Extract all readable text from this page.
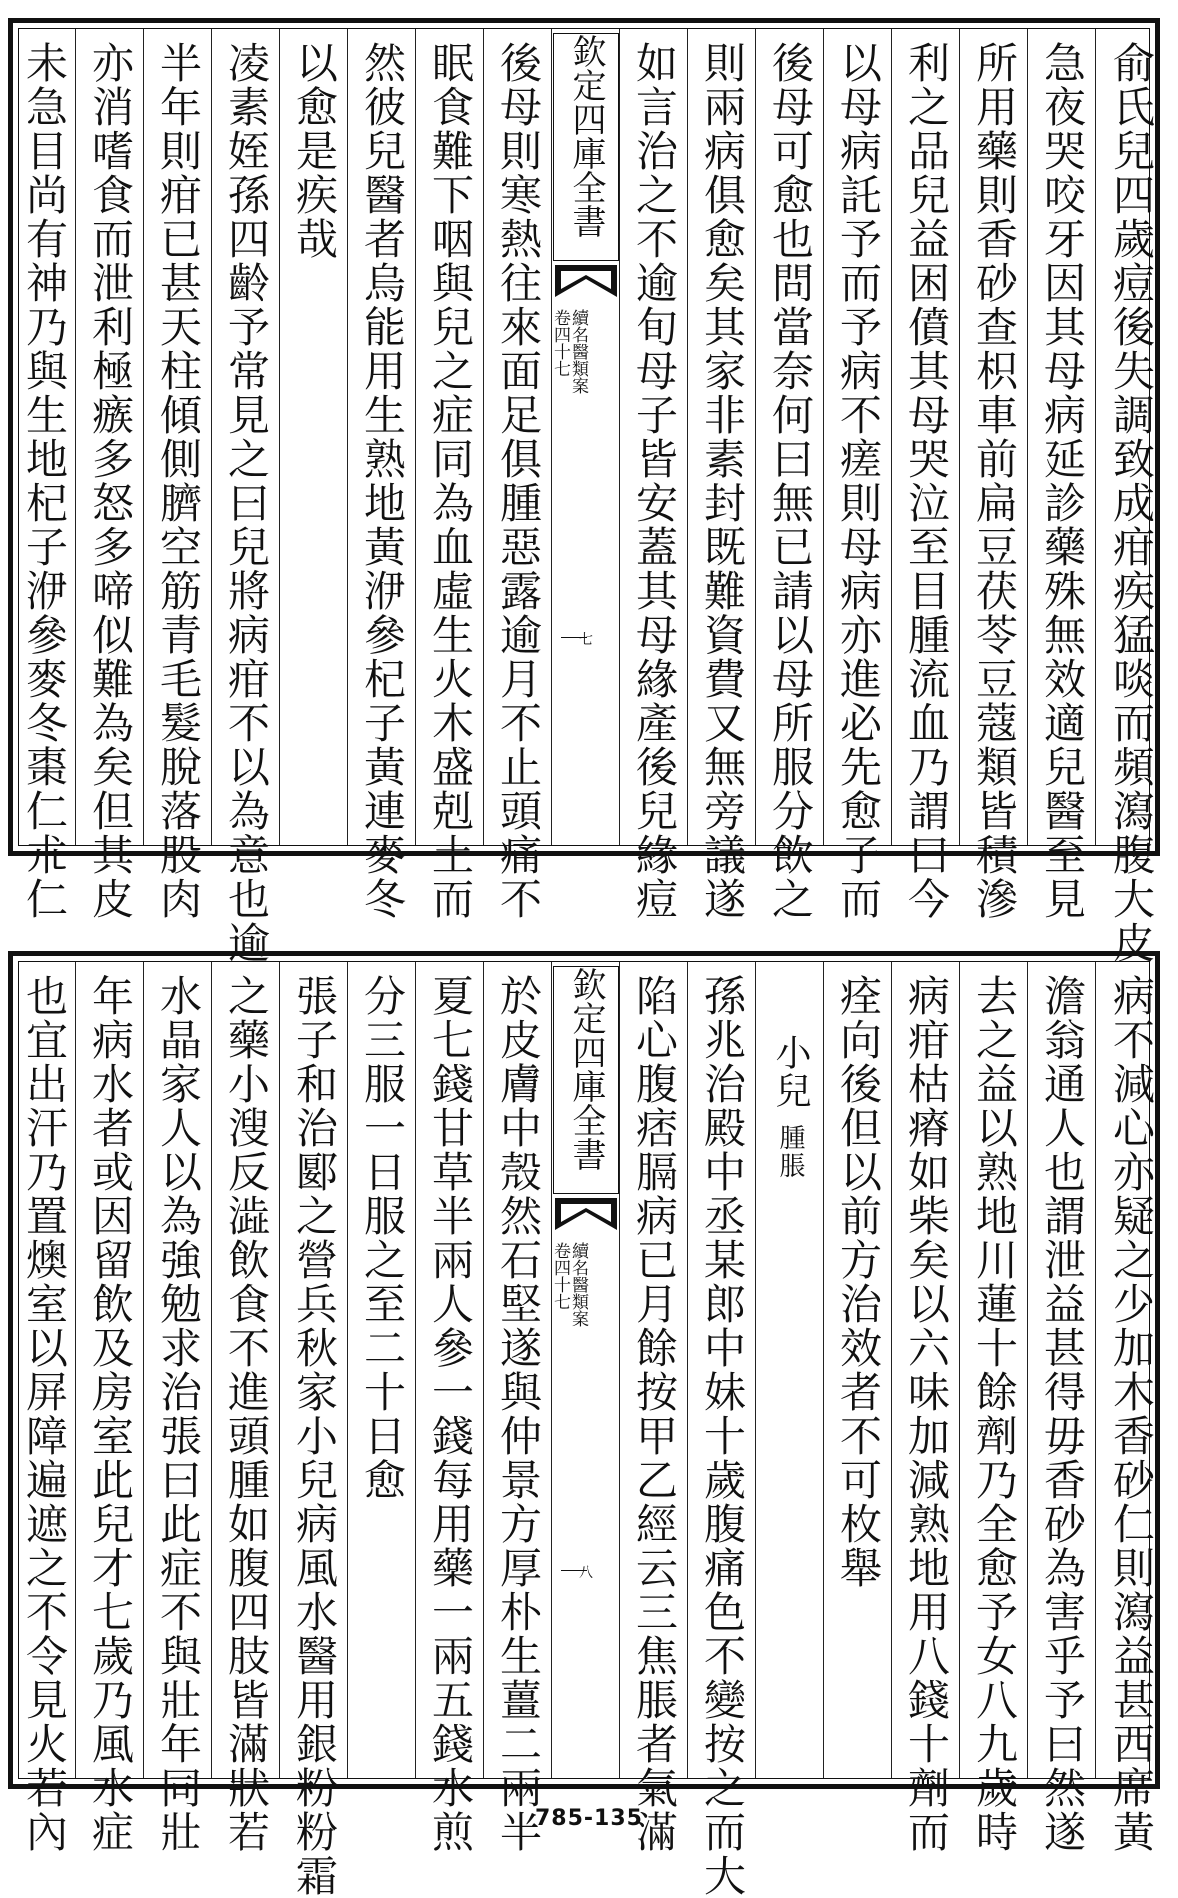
俞氏兒四歲痘後失調致成疳疾猛啖而頻瀉腹大皮
急夜哭咬牙因其母病延診藥殊無效適兒醫至見
所用藥則香砂查枳車前扁豆茯苓豆蔻類皆積滲
利之品兒益困僨其母哭泣至目腫流血乃謂曰今
以母病託予而予病不瘥則母病亦進必先愈子而
後母可愈也問當奈何曰無已請以母所服分飲之
則兩病俱愈矣其家非素封既難資費又無旁議遂
如言治之不逾旬母子皆安蓋其母緣產後兒緣痘
欽定四庫全書
續名醫類案
卷四十七
七
後母則寒熱往來面足俱腫惡露逾月不止頭痛不
眠食難下咽與兒之症同為血虛生火木盛剋土而
然彼兒醫者烏能用生熟地黃洢參杞子黃連麥冬
以愈是疾哉
凌素姪孫四齡予常見之曰兒將病疳不以為意也逾
半年則疳已甚天柱傾側臍空筋青毛髮脫落股肉
亦消嗜食而泄利極瘯多怒多啼似難為矣但其皮
未急目尚有神乃與生地杞子洢參麥冬棗仁朮仁
病不減心亦疑之少加木香砂仁則瀉益甚西席黃
澹翁通人也謂泄益甚得毋香砂為害乎予曰然遂
去之益以熟地川蓮十餘劑乃全愈予女八九歲時
病疳枯瘠如柴矣以六味加減熟地用八錢十劑而
痊向後但以前方治效者不可枚舉
小兒
腫脹
孫兆治殿中丞某郎中妹十歲腹痛色不變按之而大
陷心腹痞膈病已月餘按甲乙經云三焦脹者氣滿
欽定四庫全書
續名醫類案
卷四十七
八
於皮膚中殼然石堅遂與仲景方厚朴生薑二兩半
夏七錢甘草半兩人參一錢每用藥一兩五錢水煎
分三服一日服之至二十日愈
張子和治郾之營兵秋家小兒病風水醫用銀粉粉霜
之藥小溲反澁飲食不進頭腫如腹四肢皆滿狀若
水晶家人以為強勉求治張曰此症不與壯年同壯
年病水者或因留飲及房室此兒才七歲乃風水症
也宜出汗乃置燠室以屏障遍遮之不令見火若內	785-135
